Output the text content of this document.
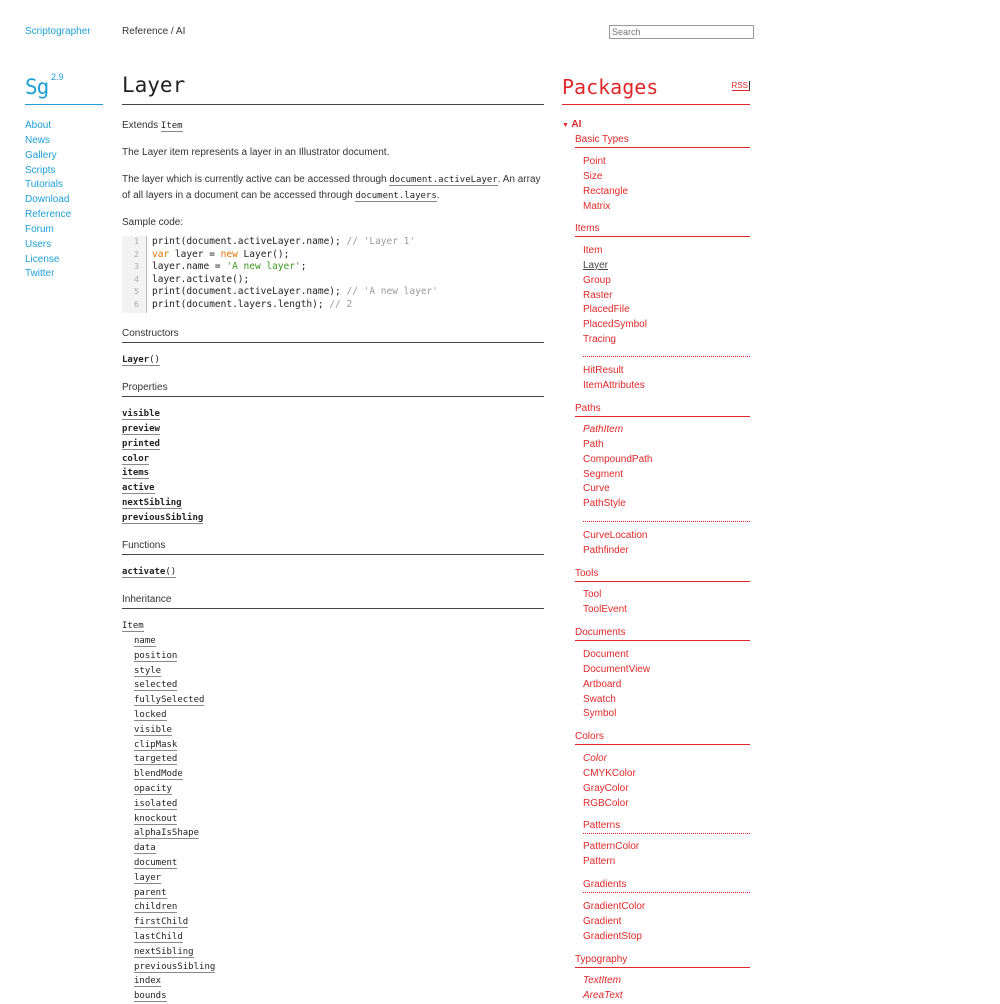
Scriptographer	Reference / AI
Search
Sg 2.9
About
News
Gallery
Scripts
Tutorials
Download
Reference
Forum
Users
License
Twitter
Layer
Extends Item
The Layer item represents a layer in an Illustrator document.
The layer which is currently active can be accessed through document.activeLayer. An array of all layers in a document can be accessed through document.layers.
Sample code:
1
2
3
4
5
6
print(document.activeLayer.name); // 'Layer 1'
var layer = new Layer();
layer.name = 'A new layer';
layer.activate();
print(document.activeLayer.name); // 'A new layer'
print(document.layers.length); // 2
Constructors
Layer()
Properties
visible
preview
printed
color
items
active
nextSibling
previousSibling
Functions
activate()
Inheritance
Item
name
position
style
selected
fullySelected
locked
visible
clipMask
targeted
blendMode
opacity
isolated
knockout
alphaIsShape
data
document
layer
parent
children
firstChild
lastChild
nextSibling
previousSibling
index
bounds
Packages	RSS
▼ AI
Basic Types
Point
Size
Rectangle
Matrix
Items
Item
Layer
Group
Raster
PlacedFile
PlacedSymbol
Tracing
HitResult
ItemAttributes
Paths
PathItem
Path
CompoundPath
Segment
Curve
PathStyle
CurveLocation
Pathfinder
Tools
Tool
ToolEvent
Documents
Document
DocumentView
Artboard
Swatch
Symbol
Colors
Color
CMYKColor
GrayColor
RGBColor
Patterns
PatternColor
Pattern
Gradients
GradientColor
Gradient
GradientStop
Typography
TextItem
AreaText
